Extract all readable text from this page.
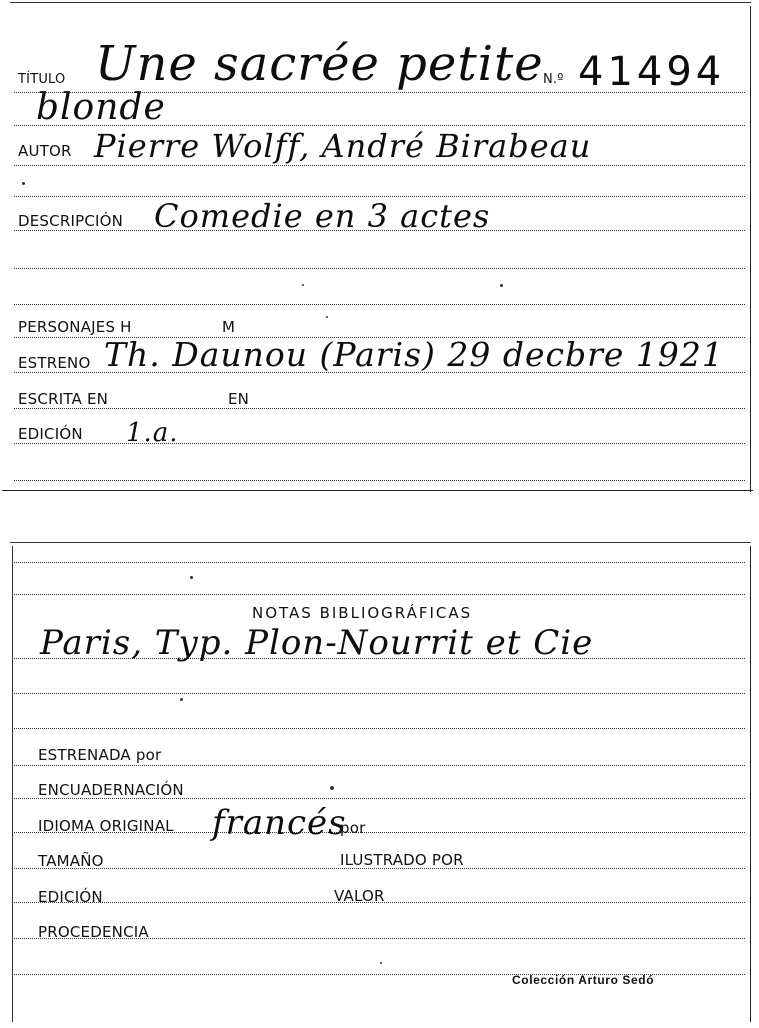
TÍTULO Une sacrée petite N.º 41494
blonde
AUTOR Pierre Wolff, André Birabeau
DESCRIPCIÓN Comedie en 3 actes
PERSONAJES H	M
ESTRENO Th. Daunou (Paris) 29 decbre 1921
ESCRITA EN	EN
EDICIÓN 1.a.
NOTAS BIBLIOGRÁFICAS
Paris, Typ. Plon-Nourrit et Cie
ESTRENADA por
ENCUADERNACIÓN
IDIOMA ORIGINAL francés
por
TAMAÑO	ILUSTRADO POR
EDICIÓN	VALOR
PROCEDENCIA
Colección Arturo Sedó
